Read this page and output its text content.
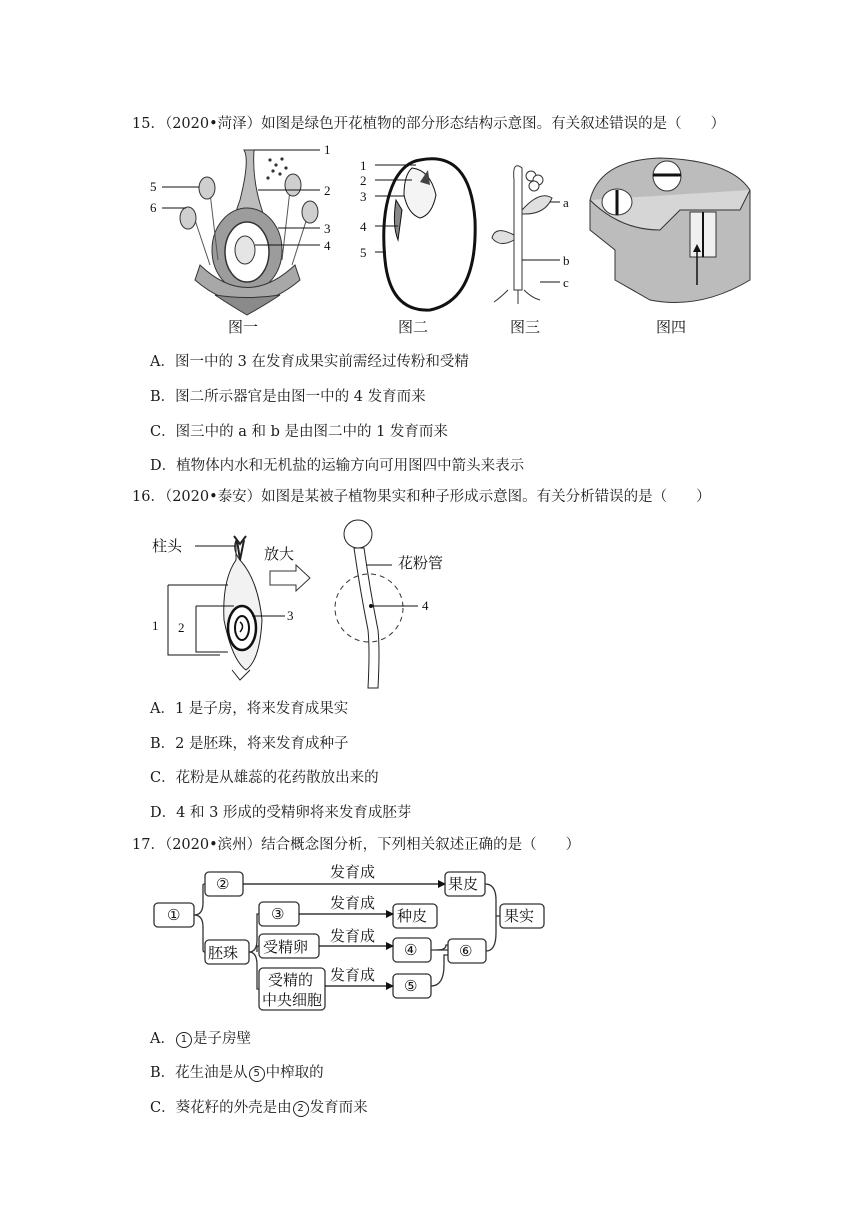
15．（2020•菏泽）如图是绿色开花植物的部分形态结构示意图。有关叙述错误的是（　　）
1
2
3
4
5
6
图一
1
2
3
4
5
图二
a
b
c
图三	图四
A．图一中的 3 在发育成果实前需经过传粉和受精
B．图二所示器官是由图一中的 4 发育而来
C．图三中的 a 和 b 是由图二中的 1 发育而来
D．植物体内水和无机盐的运输方向可用图四中箭头来表示
16．（2020•泰安）如图是某被子植物果实和种子形成示意图。有关分析错误的是（　　）
柱头	放大
1 2
3
花粉管
4
A．1 是子房，将来发育成果实
B．2 是胚珠，将来发育成种子
C．花粉是从雄蕊的花药散放出来的
D．4 和 3 形成的受精卵将来发育成胚芽
17．（2020•滨州）结合概念图分析，下列相关叙述正确的是（　　）
①
②
胚珠
③
受精卵
受精的
中央细胞
发育成
发育成
发育成
发育成
果皮
种皮
④
⑤
⑥
果实
A． 1 是子房壁
B．花生油是从 5 中榨取的
C．葵花籽的外壳是由 2 发育而来
